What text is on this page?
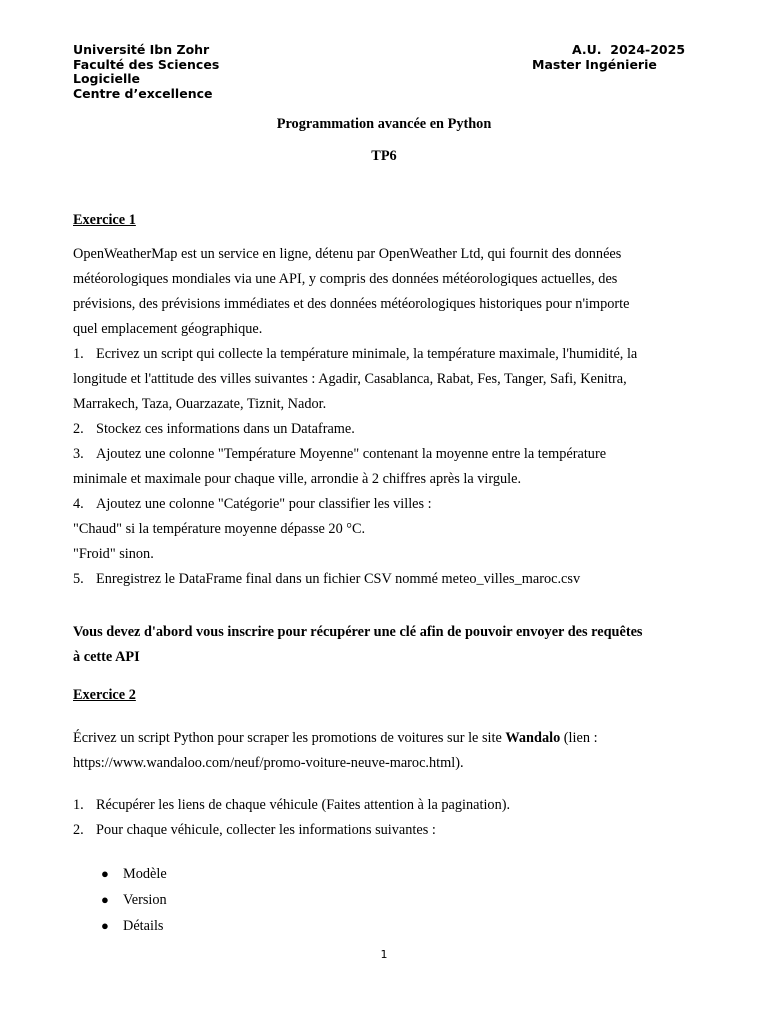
Université Ibn Zohr
Faculté des Sciences
Logicielle
Centre d’excellence
A.U.  2024-2025
Master Ingénierie
Programmation avancée en Python
TP6
Exercice 1
OpenWeatherMap est un service en ligne, détenu par OpenWeather Ltd, qui fournit des données
météorologiques mondiales via une API, y compris des données météorologiques actuelles, des
prévisions, des prévisions immédiates et des données météorologiques historiques pour n'importe
quel emplacement géographique.
1. Ecrivez un script qui collecte la température minimale, la température maximale, l'humidité, la
longitude et l'attitude des villes suivantes : Agadir, Casablanca, Rabat, Fes, Tanger, Safi, Kenitra,
Marrakech, Taza, Ouarzazate, Tiznit, Nador.
2. Stockez ces informations dans un Dataframe.
3. Ajoutez une colonne "Température Moyenne" contenant la moyenne entre la température
minimale et maximale pour chaque ville, arrondie à 2 chiffres après la virgule.
4. Ajoutez une colonne "Catégorie" pour classifier les villes :
"Chaud" si la température moyenne dépasse 20 °C.
"Froid" sinon.
5. Enregistrez le DataFrame final dans un fichier CSV nommé meteo_villes_maroc.csv
Vous devez d'abord vous inscrire pour récupérer une clé afin de pouvoir envoyer des requêtes
à cette API
Exercice 2
Écrivez un script Python pour scraper les promotions de voitures sur le site Wandalo (lien :
https://www.wandaloo.com/neuf/promo-voiture-neuve-maroc.html).
1. Récupérer les liens de chaque véhicule (Faites attention à la pagination).
2. Pour chaque véhicule, collecter les informations suivantes :
● Modèle
● Version
● Détails
1
